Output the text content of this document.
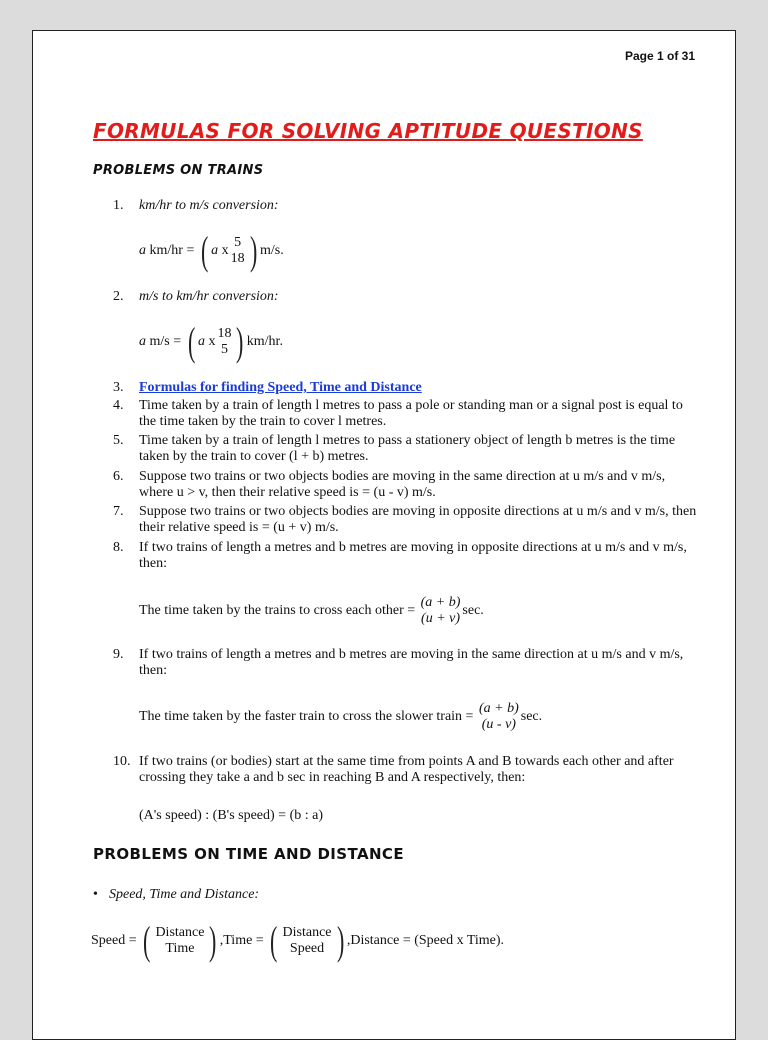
Page 1 of 31
FORMULAS FOR SOLVING APTITUDE QUESTIONS
PROBLEMS ON TRAINS
1. km/hr to m/s conversion:
a km/hr = ( a x
5
18 ) m/s.
2. m/s to km/hr conversion:
a m/s = ( a x
18
5 ) km/hr.
3. Formulas for finding Speed, Time and Distance
4. Time taken by a train of length l metres to pass a pole or standing man or a signal post is equal to the time taken by the train to cover l metres.
5. Time taken by a train of length l metres to pass a stationery object of length b metres is the time taken by the train to cover (l + b) metres.
6. Suppose two trains or two objects bodies are moving in the same direction at u m/s and v m/s, where u > v, then their relative speed is = (u - v) m/s.
7. Suppose two trains or two objects bodies are moving in opposite directions at u m/s and v m/s, then their relative speed is = (u + v) m/s.
8. If two trains of length a metres and b metres are moving in opposite directions at u m/s and v m/s, then:
The time taken by the trains to cross each other =
(a + b)
(u + v)
sec.
9. If two trains of length a metres and b metres are moving in the same direction at u m/s and v m/s, then:
The time taken by the faster train to cross the slower train =
(a + b)
(u - v)
sec.
10. If two trains (or bodies) start at the same time from points A and B towards each other and after crossing they take a and b sec in reaching B and A respectively, then:
(A's speed) : (B's speed) = (b : a)
PROBLEMS ON TIME AND DISTANCE
• Speed, Time and Distance:
Speed = ( Distance
Time ) ,Time = ( Distance
Speed ) ,Distance = (Speed x Time).
